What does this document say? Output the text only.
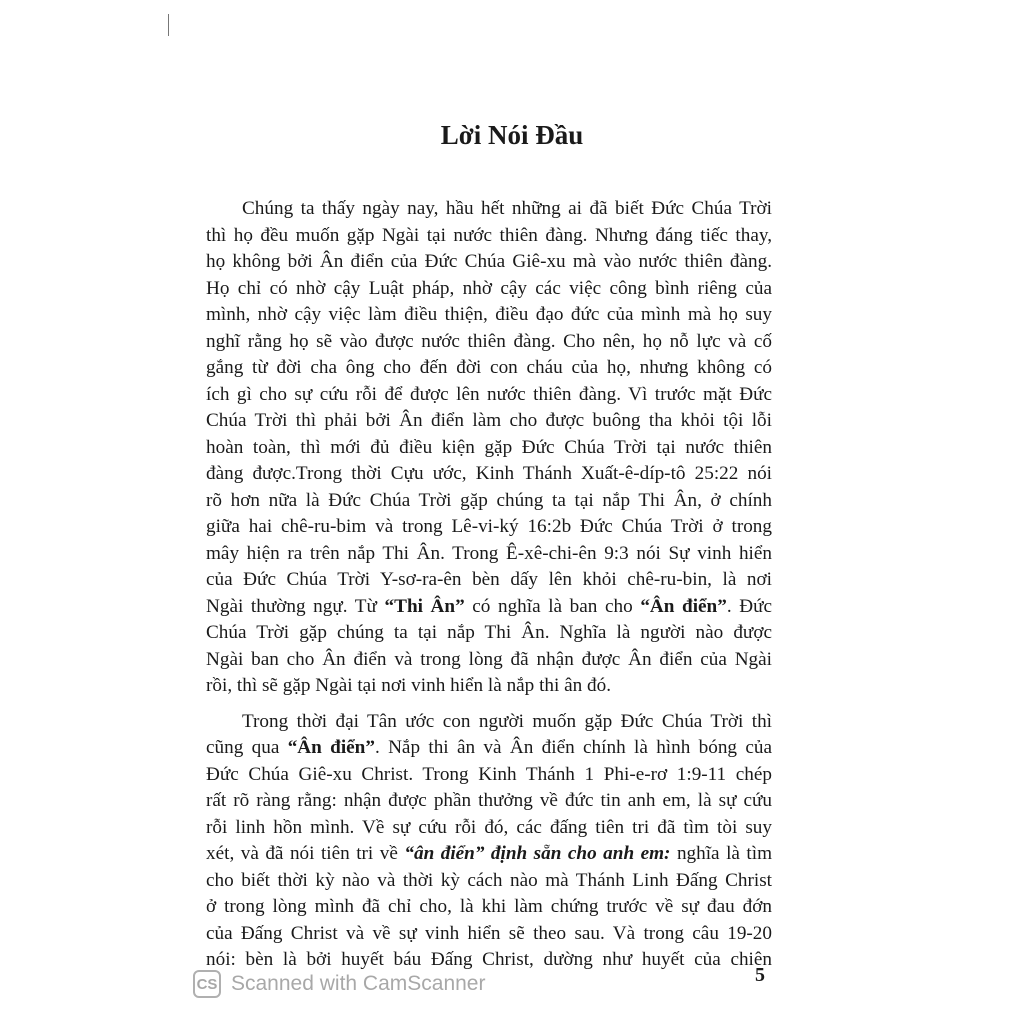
Lời Nói Đầu
Chúng ta thấy ngày nay, hầu hết những ai đã biết Đức Chúa Trời
thì họ đều muốn gặp Ngài tại nước thiên đàng. Nhưng đáng tiếc thay,
họ không bởi Ân điển của Đức Chúa Giê-xu mà vào nước thiên đàng.
Họ chỉ có nhờ cậy Luật pháp, nhờ cậy các việc công bình riêng của
mình, nhờ cậy việc làm điều thiện, điều đạo đức của mình mà họ suy
nghĩ rằng họ sẽ vào được nước thiên đàng. Cho nên, họ nỗ lực và cố
gắng từ đời cha ông cho đến đời con cháu của họ, nhưng không có
ích gì cho sự cứu rỗi để được lên nước thiên đàng. Vì trước mặt Đức
Chúa Trời thì phải bởi Ân điển làm cho được buông tha khỏi tội lỗi
hoàn toàn, thì mới đủ điều kiện gặp Đức Chúa Trời tại nước thiên
đàng được.Trong thời Cựu ước, Kinh Thánh Xuất-ê-díp-tô 25:22 nói
rõ hơn nữa là Đức Chúa Trời gặp chúng ta tại nắp Thi Ân, ở chính
giữa hai chê-ru-bim và trong Lê-vi-ký 16:2b Đức Chúa Trời ở trong
mây hiện ra trên nắp Thi Ân. Trong Ê-xê-chi-ên 9:3 nói Sự vinh hiển
của Đức Chúa Trời Y-sơ-ra-ên bèn dấy lên khỏi chê-ru-bin, là nơi
Ngài thường ngự. Từ “Thi Ân” có nghĩa là ban cho “Ân điển”. Đức
Chúa Trời gặp chúng ta tại nắp Thi Ân. Nghĩa là người nào được
Ngài ban cho Ân điển và trong lòng đã nhận được Ân điển của Ngài
rồi, thì sẽ gặp Ngài tại nơi vinh hiển là nắp thi ân đó.
Trong thời đại Tân ước con người muốn gặp Đức Chúa Trời thì
cũng qua “Ân điển”. Nắp thi ân và Ân điển chính là hình bóng của
Đức Chúa Giê-xu Christ. Trong Kinh Thánh 1 Phi-e-rơ 1:9-11 chép
rất rõ ràng rằng: nhận được phần thưởng về đức tin anh em, là sự cứu
rỗi linh hồn mình. Về sự cứu rỗi đó, các đấng tiên tri đã tìm tòi suy
xét, và đã nói tiên tri về “ân điển” định sẵn cho anh em: nghĩa là tìm
cho biết thời kỳ nào và thời kỳ cách nào mà Thánh Linh Đấng Christ
ở trong lòng mình đã chỉ cho, là khi làm chứng trước về sự đau đớn
của Đấng Christ và về sự vinh hiển sẽ theo sau. Và trong câu 19-20
nói: bèn là bởi huyết báu Đấng Christ, dường như huyết của chiên
CS Scanned with CamScanner	5
